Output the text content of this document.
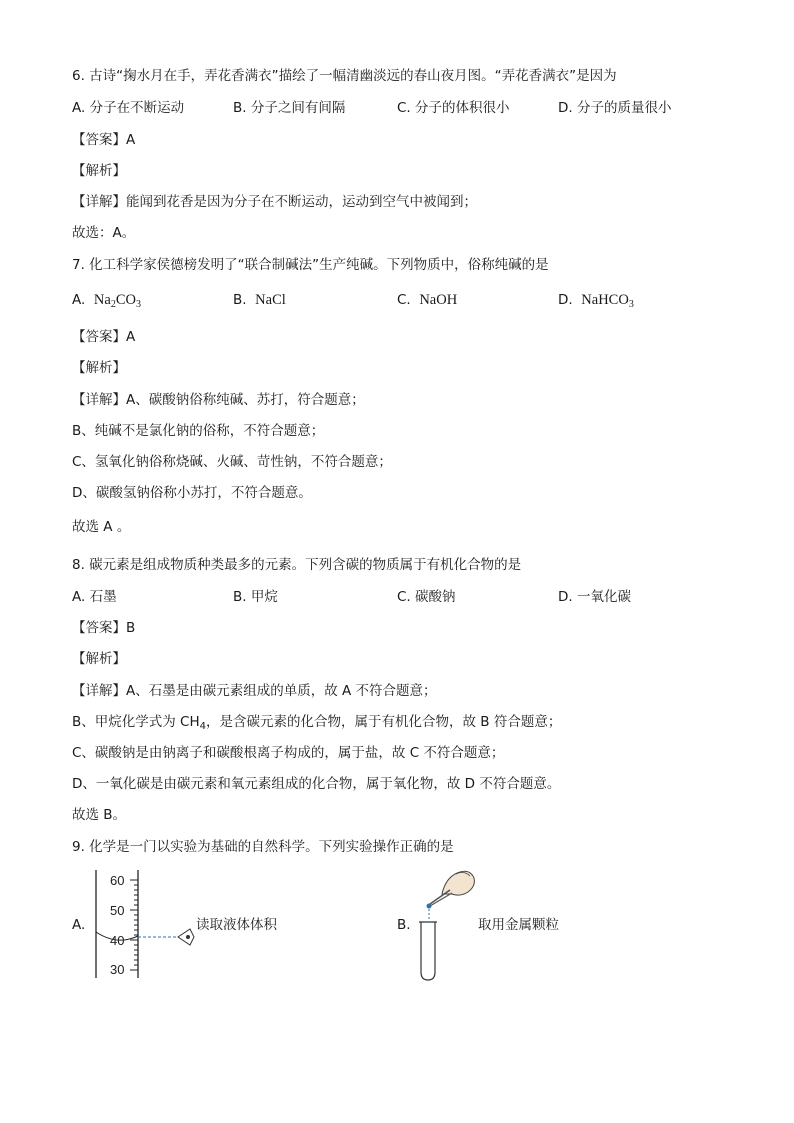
6. 古诗“掬水月在手，弄花香满衣”描绘了一幅清幽淡远的春山夜月图。“弄花香满衣”是因为
A. 分子在不断运动	B. 分子之间有间隔	C. 分子的体积很小	D. 分子的质量很小
【答案】A
【解析】
【详解】能闻到花香是因为分子在不断运动，运动到空气中被闻到；
故选：A。
7. 化工科学家侯德榜发明了“联合制碱法”生产纯碱。下列物质中，俗称纯碱的是
A. $Na_2CO_3$	B. NaCl	C. NaOH	D. NaHCO$_3$
【答案】A
【解析】
【详解】A、碳酸钠俗称纯碱、苏打，符合题意；
B、纯碱不是氯化钠的俗称，不符合题意；
C、氢氧化钠俗称烧碱、火碱、苛性钠，不符合题意；
D、碳酸氢钠俗称小苏打，不符合题意。
故选 A 。
8. 碳元素是组成物质种类最多的元素。下列含碳的物质属于有机化合物的是
A. 石墨	B. 甲烷	C. 碳酸钠	D. 一氧化碳
【答案】B
【解析】
【详解】A、石墨是由碳元素组成的单质，故 A 不符合题意；
B、甲烷化学式为 $CH_4$，是含碳元素的化合物，属于有机化合物，故 B 符合题意；
C、碳酸钠是由钠离子和碳酸根离子构成的，属于盐，故 C 不符合题意；
D、一氧化碳是由碳元素和氧元素组成的化合物，属于氧化物，故 D 不符合题意。
故选 B。
9. 化学是一门以实验为基础的自然科学。下列实验操作正确的是
A.
60
50
40
30
读取液体体积	B.	取用金属颗粒
